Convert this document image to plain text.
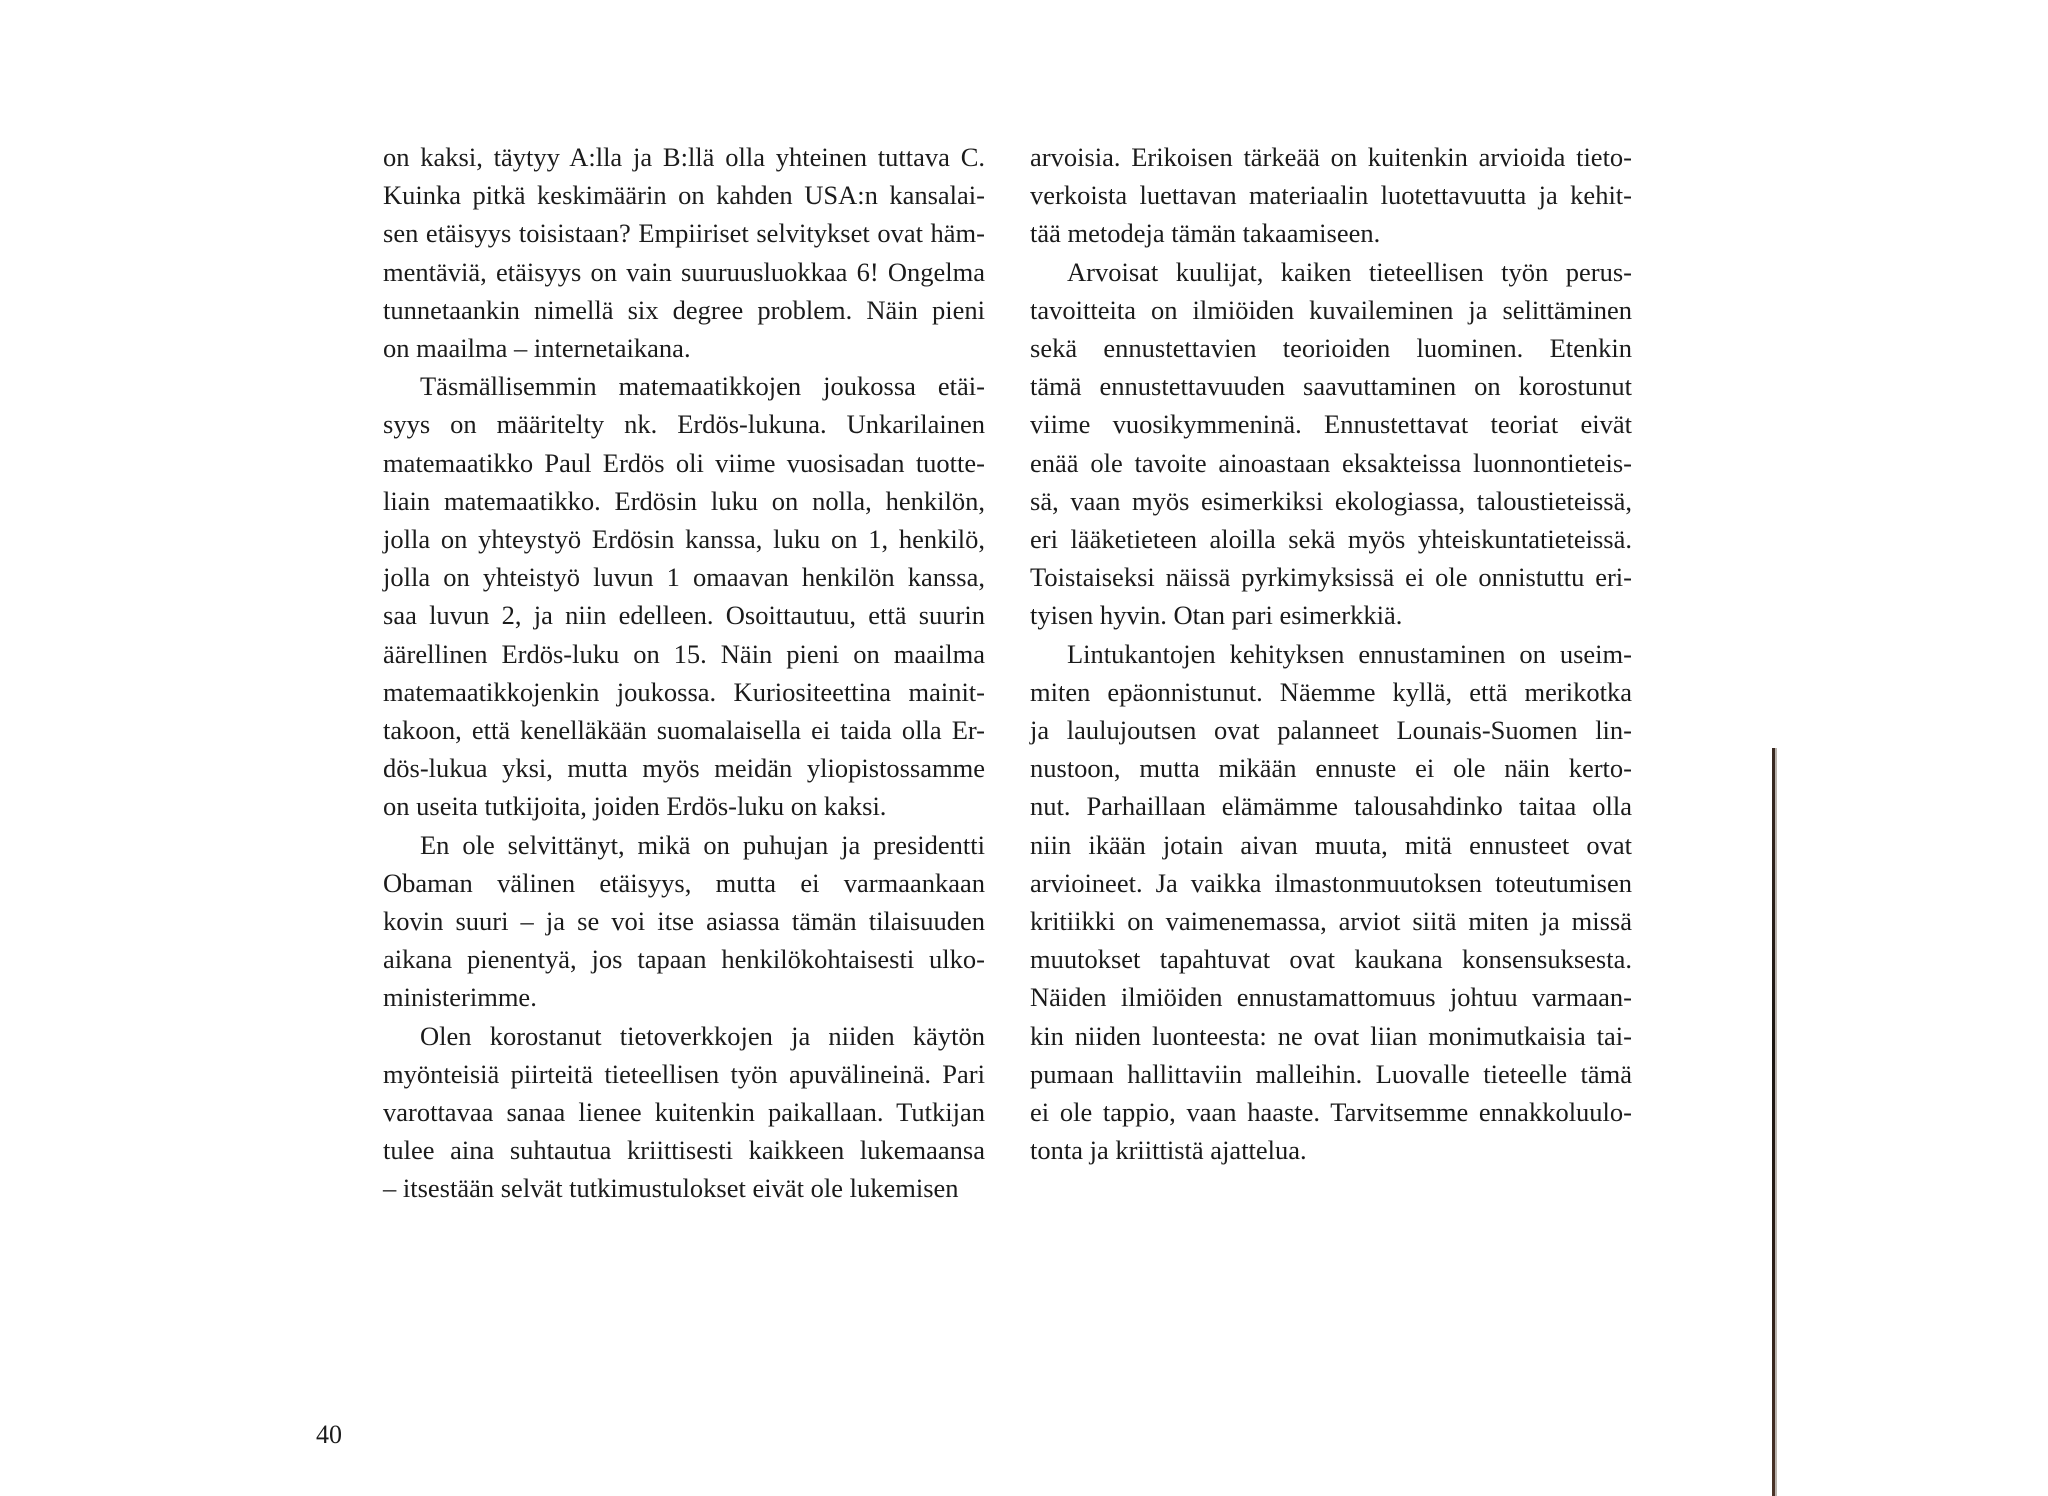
on kaksi, täytyy A:lla ja B:llä olla yhteinen tuttava C.
Kuinka pitkä keskimäärin on kahden USA:n kansalai-
sen etäisyys toisistaan? Empiiriset selvitykset ovat häm-
mentäviä, etäisyys on vain suuruusluokkaa 6! Ongelma
tunnetaankin nimellä six degree problem. Näin pieni
on maailma – internetaikana.

Täsmällisemmin matemaatikkojen joukossa etäi-
syys on määritelty nk. Erdös-lukuna. Unkarilainen
matemaatikko Paul Erdös oli viime vuosisadan tuotte-
liain matemaatikko. Erdösin luku on nolla, henkilön,
jolla on yhteystyö Erdösin kanssa, luku on 1, henkilö,
jolla on yhteistyö luvun 1 omaavan henkilön kanssa,
saa luvun 2, ja niin edelleen. Osoittautuu, että suurin
äärellinen Erdös-luku on 15. Näin pieni on maailma
matemaatikkojenkin joukossa. Kuriositeettina mainit-
takoon, että kenelläkään suomalaisella ei taida olla Er-
dös-lukua yksi, mutta myös meidän yliopistossamme
on useita tutkijoita, joiden Erdös-luku on kaksi.

En ole selvittänyt, mikä on puhujan ja presidentti
Obaman välinen etäisyys, mutta ei varmaankaan
kovin suuri – ja se voi itse asiassa tämän tilaisuuden
aikana pienentyä, jos tapaan henkilökohtaisesti ulko-
ministerimme.

Olen korostanut tietoverkkojen ja niiden käytön
myönteisiä piirteitä tieteellisen työn apuvälineinä. Pari
varottavaa sanaa lienee kuitenkin paikallaan. Tutkijan
tulee aina suhtautua kriittisesti kaikkeen lukemaansa
– itsestään selvät tutkimustulokset eivät ole lukemisen

arvoisia. Erikoisen tärkeää on kuitenkin arvioida tieto-
verkoista luettavan materiaalin luotettavuutta ja kehit-
tää metodeja tämän takaamiseen.

Arvoisat kuulijat, kaiken tieteellisen työn perus-
tavoitteita on ilmiöiden kuvaileminen ja selittäminen
sekä ennustettavien teorioiden luominen. Etenkin
tämä ennustettavuuden saavuttaminen on korostunut
viime vuosikymmeninä. Ennustettavat teoriat eivät
enää ole tavoite ainoastaan eksakteissa luonnontieteis-
sä, vaan myös esimerkiksi ekologiassa, taloustieteissä,
eri lääketieteen aloilla sekä myös yhteiskuntatieteissä.
Toistaiseksi näissä pyrkimyksissä ei ole onnistuttu eri-
tyisen hyvin. Otan pari esimerkkiä.

Lintukantojen kehityksen ennustaminen on useim-
miten epäonnistunut. Näemme kyllä, että merikotka
ja laulujoutsen ovat palanneet Lounais-Suomen lin-
nustoon, mutta mikään ennuste ei ole näin kerto-
nut. Parhaillaan elämämme talousahdinko taitaa olla
niin ikään jotain aivan muuta, mitä ennusteet ovat
arvioineet. Ja vaikka ilmastonmuutoksen toteutumisen
kritiikki on vaimenemassa, arviot siitä miten ja missä
muutokset tapahtuvat ovat kaukana konsensuksesta.
Näiden ilmiöiden ennustamattomuus johtuu varmaan-
kin niiden luonteesta: ne ovat liian monimutkaisia tai-
pumaan hallittaviin malleihin. Luovalle tieteelle tämä
ei ole tappio, vaan haaste. Tarvitsemme ennakkoluulo-
tonta ja kriittistä ajattelua.

40
